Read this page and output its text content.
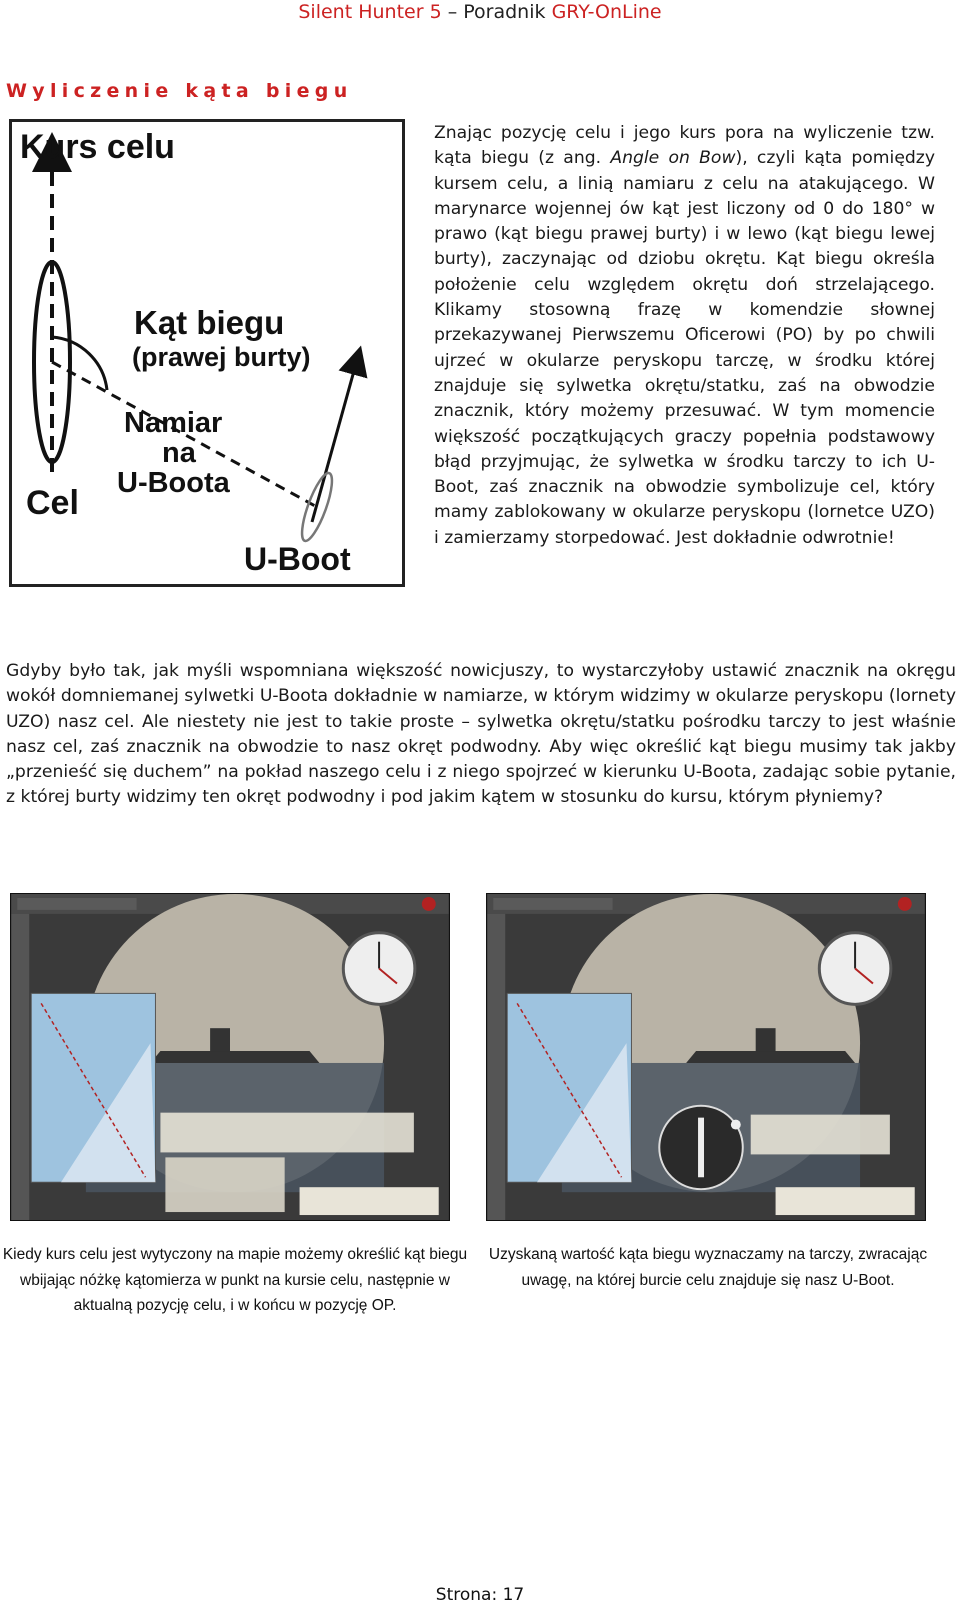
Silent Hunter 5 – Poradnik GRY-OnLine
Wyliczenie kąta biegu
Kurs celu
Kąt biegu
(prawej burty)
Namiar
na
U-Boota
Cel
U-Boot
Znając pozycję celu i jego kurs pora na wyliczenie tzw. kąta biegu (z ang. Angle on Bow), czyli kąta pomiędzy kursem celu, a linią namiaru z celu na atakującego. W marynarce wojennej ów kąt jest liczony od 0 do 180° w prawo (kąt biegu prawej burty) i w lewo (kąt biegu lewej burty), zaczynając od dziobu okrętu. Kąt biegu określa położenie celu względem okrętu doń strzelającego. Klikamy stosowną frazę w komendzie słownej przekazywanej Pierwszemu Oficerowi (PO) by po chwili ujrzeć w okularze peryskopu tarczę, w środku której znajduje się sylwetka okrętu/statku, zaś na obwodzie znacznik, który możemy przesuwać. W tym momencie większość początkujących graczy popełnia podstawowy błąd przyjmując, że sylwetka w środku tarczy to ich U-Boot, zaś znacznik na obwodzie symbolizuje cel, który mamy zablokowany w okularze peryskopu (lornetce UZO) i zamierzamy storpedować. Jest dokładnie odwrotnie!
Gdyby było tak, jak myśli wspomniana większość nowicjuszy, to wystarczyłoby ustawić znacznik na okręgu wokół domniemanej sylwetki U-Boota dokładnie w namiarze, w którym widzimy w okularze peryskopu (lornety UZO) nasz cel. Ale niestety nie jest to takie proste – sylwetka okrętu/statku pośrodku tarczy to jest właśnie nasz cel, zaś znacznik na obwodzie to nasz okręt podwodny. Aby więc określić kąt biegu musimy tak jakby „przenieść się duchem” na pokład naszego celu i z niego spojrzeć w kierunku U-Boota, zadając sobie pytanie, z której burty widzimy ten okręt podwodny i pod jakim kątem w stosunku do kursu, którym płyniemy?
Kiedy kurs celu jest wytyczony na mapie możemy określić kąt biegu wbijając nóżkę kątomierza w punkt na kursie celu, następnie w aktualną pozycję celu, i w końcu w pozycję OP.
Uzyskaną wartość kąta biegu wyznaczamy na tarczy, zwracając uwagę, na której burcie celu znajduje się nasz U-Boot.
Strona: 17
